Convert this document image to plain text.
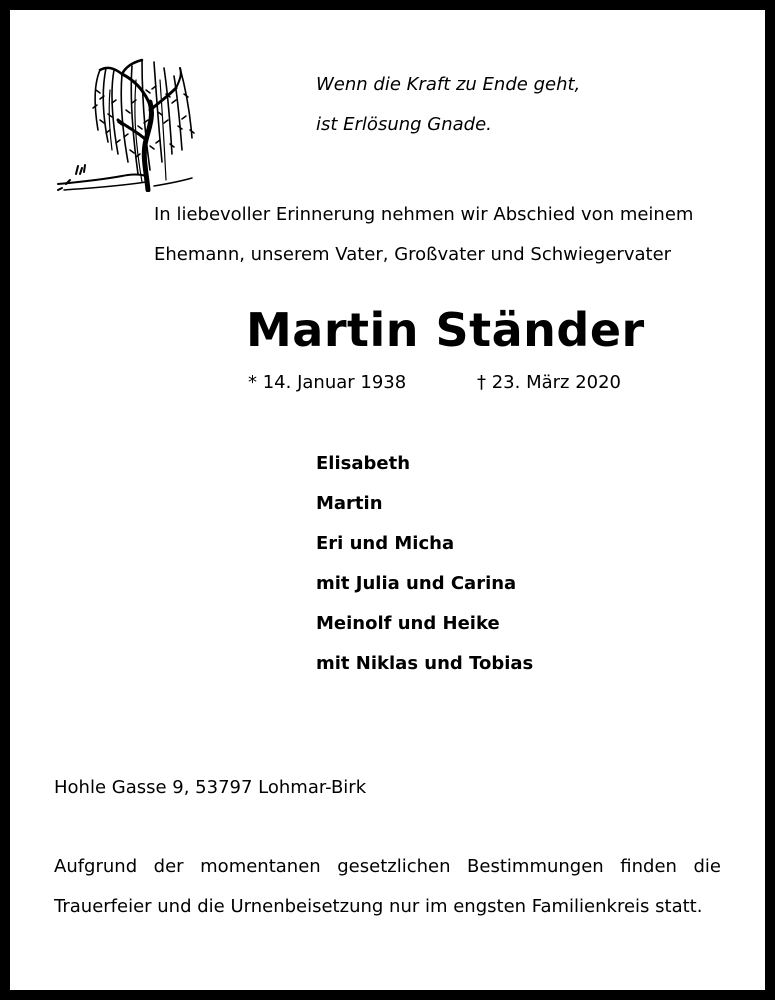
Wenn die Kraft zu Ende geht,
ist Erlösung Gnade.
In liebevoller Erinnerung nehmen wir Abschied von meinem
Ehemann, unserem Vater, Großvater und Schwiegervater
Martin Ständer
* 14. Januar 1938	† 23. März 2020
Elisabeth
Martin
Eri und Micha
mit Julia und Carina
Meinolf und Heike
mit Niklas und Tobias
Hohle Gasse 9, 53797 Lohmar-Birk
Aufgrund der momentanen gesetzlichen Bestimmungen finden die Trauerfeier und die Urnenbeisetzung nur im engsten Familienkreis statt.
